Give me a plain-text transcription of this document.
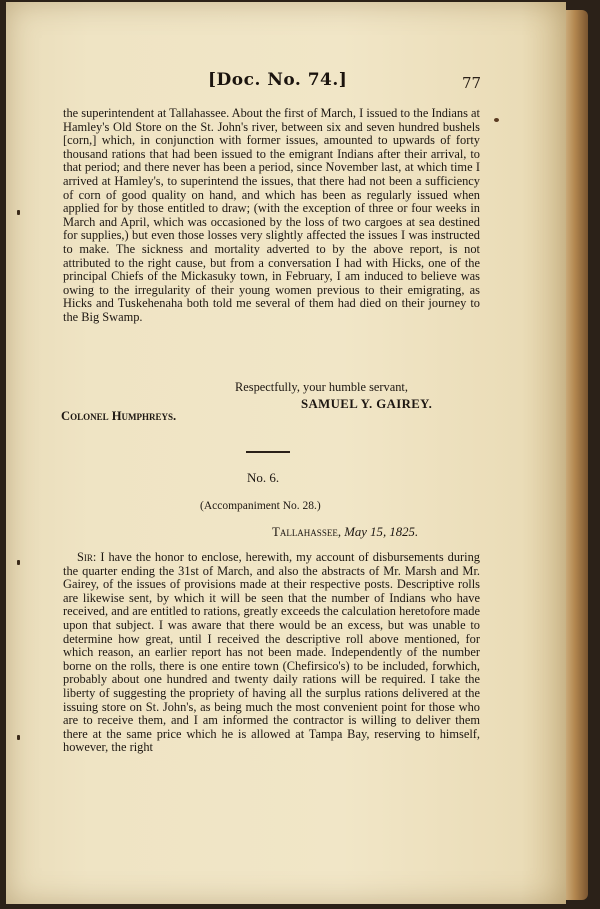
[Doc. No. 74.]	77

the superintendent at Tallahassee. About the first of March, I issued to the Indians at Hamley's Old Store on the St. John's river, between six and seven hundred bushels [corn,] which, in conjunction with former issues, amounted to upwards of forty thousand rations that had been issued to the emigrant Indians after their arrival, to that period; and there never has been a period, since November last, at which time I arrived at Hamley's, to superintend the issues, that there had not been a sufficiency of corn of good quality on hand, and which has been as regularly issued when applied for by those entitled to draw; (with the exception of three or four weeks in March and April, which was occasioned by the loss of two cargoes at sea destined for supplies,) but even those losses very slightly affected the issues I was instructed to make. The sickness and mortality adverted to by the above report, is not attributed to the right cause, but from a conversation I had with Hicks, one of the principal Chiefs of the Mickasuky town, in February, I am induced to believe was owing to the irregularity of their young women previous to their emigrating, as Hicks and Tuskehenaha both told me several of them had died on their journey to the Big Swamp.

Respectfully, your humble servant,
SAMUEL Y. GAIREY.
Colonel Humphreys.
No. 6.
(Accompaniment No. 28.)
Tallahassee, May 15, 1825.

Sir: I have the honor to enclose, herewith, my account of disbursements during the quarter ending the 31st of March, and also the abstracts of Mr. Marsh and Mr. Gairey, of the issues of provisions made at their respective posts. Descriptive rolls are likewise sent, by which it will be seen that the number of Indians who have received, and are entitled to rations, greatly exceeds the calculation heretofore made upon that subject. I was aware that there would be an excess, but was unable to determine how great, until I received the descriptive roll above mentioned, for which reason, an earlier report has not been made. Independently of the number borne on the rolls, there is one entire town (Chefirsico's) to be included, forwhich, probably about one hundred and twenty daily rations will be required. I take the liberty of suggesting the propriety of having all the surplus rations delivered at the issuing store on St. John's, as being much the most convenient point for those who are to receive them, and I am informed the contractor is willing to deliver them there at the same price which he is allowed at Tampa Bay, reserving to himself, however, the right
